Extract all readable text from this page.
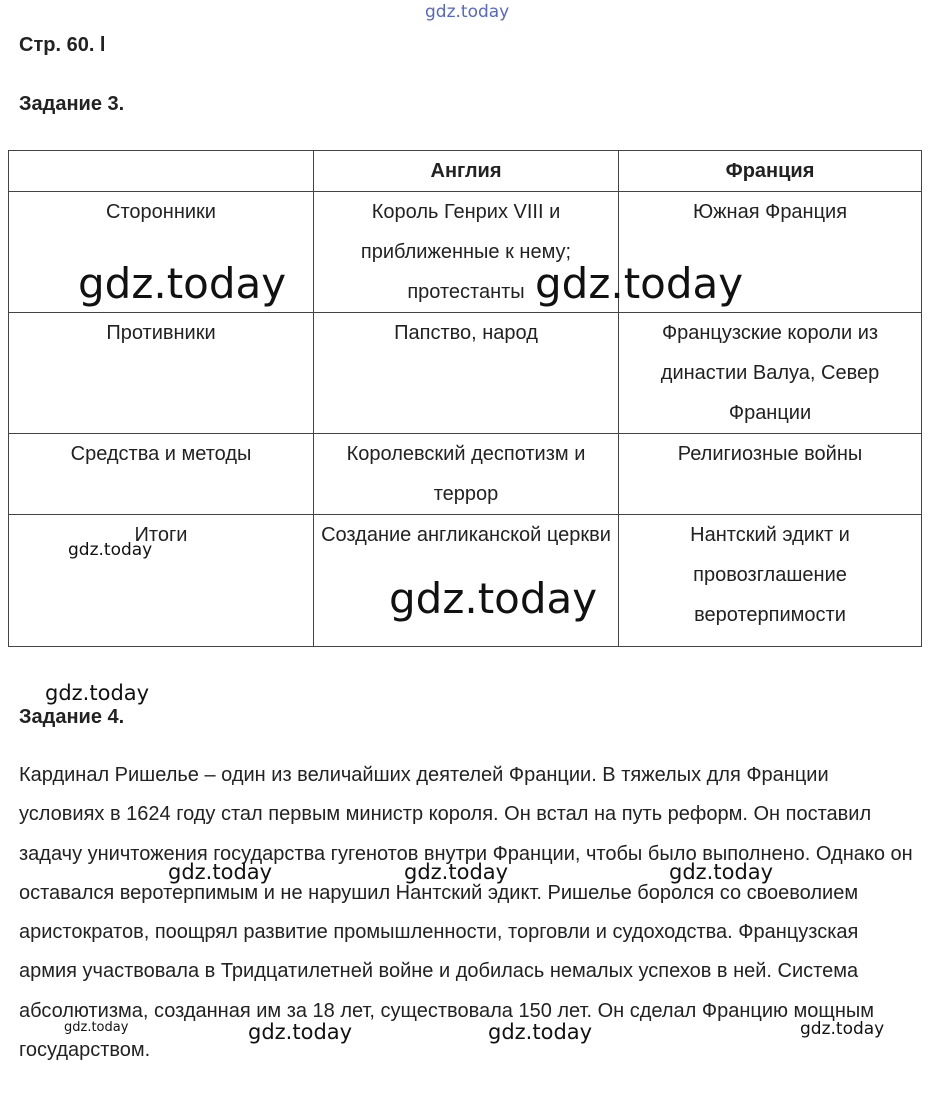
Стр. 60. l
Задание 3.
	Англия	Франция
Сторонники	Король Генрих VIII и приближенные к нему; протестанты	Южная Франция
Противники	Папство, народ	Французские короли из династии Валуа, Север Франции
Средства и методы	Королевский деспотизм и террор	Религиозные войны
Итоги	Создание англиканской церкви	Нантский эдикт и провозглашение веротерпимости
Задание 4.

Кардинал Ришелье – один из величайших деятелей Франции. В тяжелых для Франции условиях в 1624 году стал первым министр короля. Он встал на путь реформ. Он поставил задачу уничтожения государства гугенотов внутри Франции, чтобы было выполнено. Однако он оставался веротерпимым и не нарушил Нантский эдикт. Ришелье боролся со своеволием аристократов, поощрял развитие промышленности, торговли и судоходства. Французская армия участвовала в Тридцатилетней войне и добилась немалых успехов в ней. Система абсолютизма, созданная им за 18 лет, существовала 150 лет. Он сделал Францию мощным государством.

gdz.today
gdz.today	gdz.today
gdz.today
gdz.today
gdz.today
gdz.today	gdz.today	gdz.today
gdz.today	gdz.today	gdz.today	gdz.today
